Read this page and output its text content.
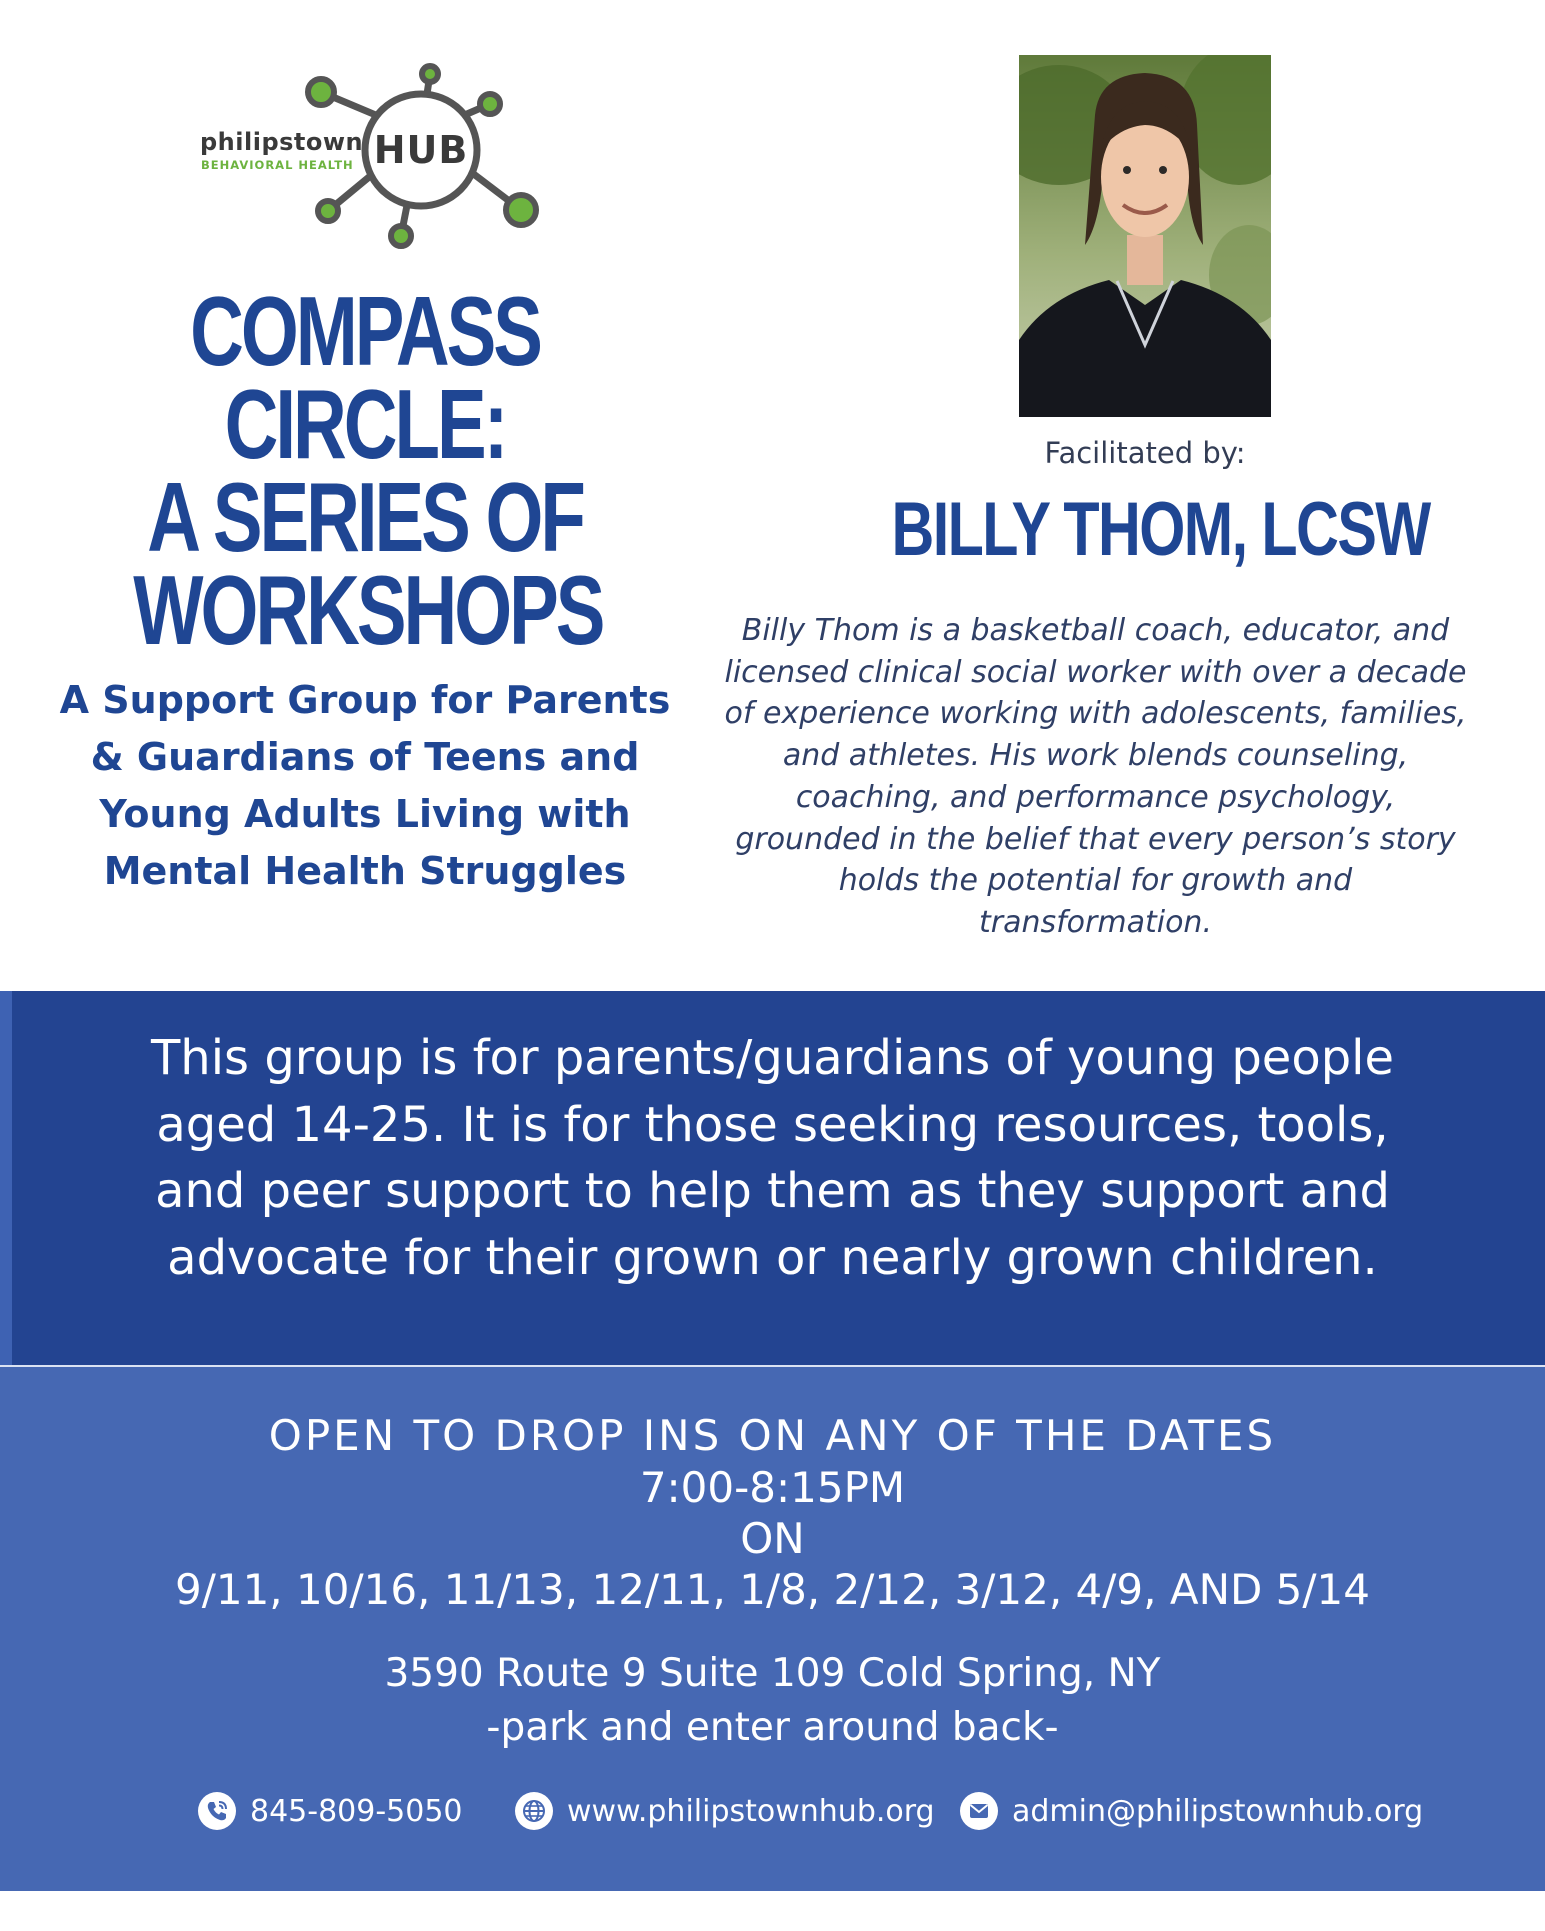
philipstown
BEHAVIORAL HEALTH HUB
COMPASS
CIRCLE:
A SERIES OF
WORKSHOPS
A Support Group for Parents
& Guardians of Teens and
Young Adults Living with
Mental Health Struggles
Facilitated by:
BILLY THOM, LCSW
Billy Thom is a basketball coach, educator, and
licensed clinical social worker with over a decade
of experience working with adolescents, families,
and athletes. His work blends counseling,
coaching, and performance psychology,
grounded in the belief that every person’s story
holds the potential for growth and
transformation.
This group is for parents/guardians of young people
aged 14-25. It is for those seeking resources, tools,
and peer support to help them as they support and
advocate for their grown or nearly grown children.
OPEN TO DROP INS ON ANY OF THE DATES
7:00-8:15PM
ON
9/11, 10/16, 11/13, 12/11, 1/8, 2/12, 3/12, 4/9, AND 5/14
3590 Route 9 Suite 109 Cold Spring, NY
-park and enter around back-
845-809-5050	www.philipstownhub.org	admin@philipstownhub.org
